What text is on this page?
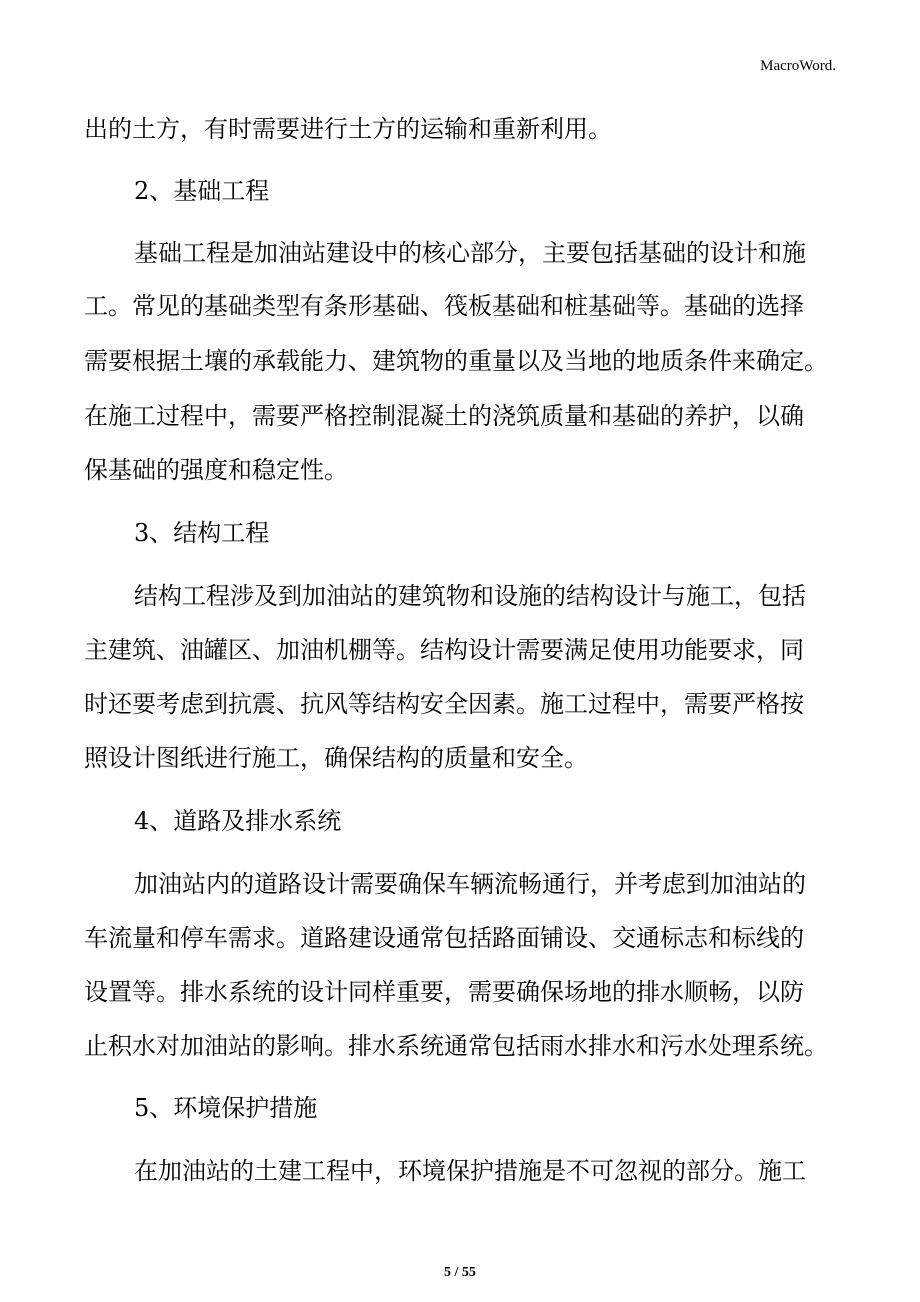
MacroWord.
出的土方，有时需要进行土方的运输和重新利用。
2、基础工程
基础工程是加油站建设中的核心部分，主要包括基础的设计和施
工。常见的基础类型有条形基础、筏板基础和桩基础等。基础的选择
需要根据土壤的承载能力、建筑物的重量以及当地的地质条件来确定。
在施工过程中，需要严格控制混凝土的浇筑质量和基础的养护，以确
保基础的强度和稳定性。
3、结构工程
结构工程涉及到加油站的建筑物和设施的结构设计与施工，包括
主建筑、油罐区、加油机棚等。结构设计需要满足使用功能要求，同
时还要考虑到抗震、抗风等结构安全因素。施工过程中，需要严格按
照设计图纸进行施工，确保结构的质量和安全。
4、道路及排水系统
加油站内的道路设计需要确保车辆流畅通行，并考虑到加油站的
车流量和停车需求。道路建设通常包括路面铺设、交通标志和标线的
设置等。排水系统的设计同样重要，需要确保场地的排水顺畅，以防
止积水对加油站的影响。排水系统通常包括雨水排水和污水处理系统。
5、环境保护措施
在加油站的土建工程中，环境保护措施是不可忽视的部分。施工
5 / 55
